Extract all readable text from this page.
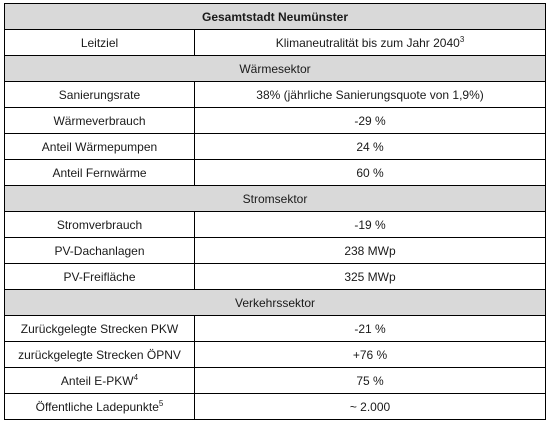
Gesamtstadt Neumünster	
Leitziel	Klimaneutralität bis zum Jahr 2040$^3$
Wärmesektor	
Sanierungsrate	38% (jährliche Sanierungsquote von 1,9%)
Wärmeverbrauch	-29 %
Anteil Wärmepumpen	24 %
Anteil Fernwärme	60 %
Stromsektor	
Stromverbrauch	-19 %
PV-Dachanlagen	238 MWp
PV-Freifläche	325 MWp
Verkehrssektor	
Zurückgelegte Strecken PKW	-21 %
zurückgelegte Strecken ÖPNV	+76 %
Anteil E-PKW$^4$	75 %
Öffentliche Ladepunkte$^5$	~ 2.000
